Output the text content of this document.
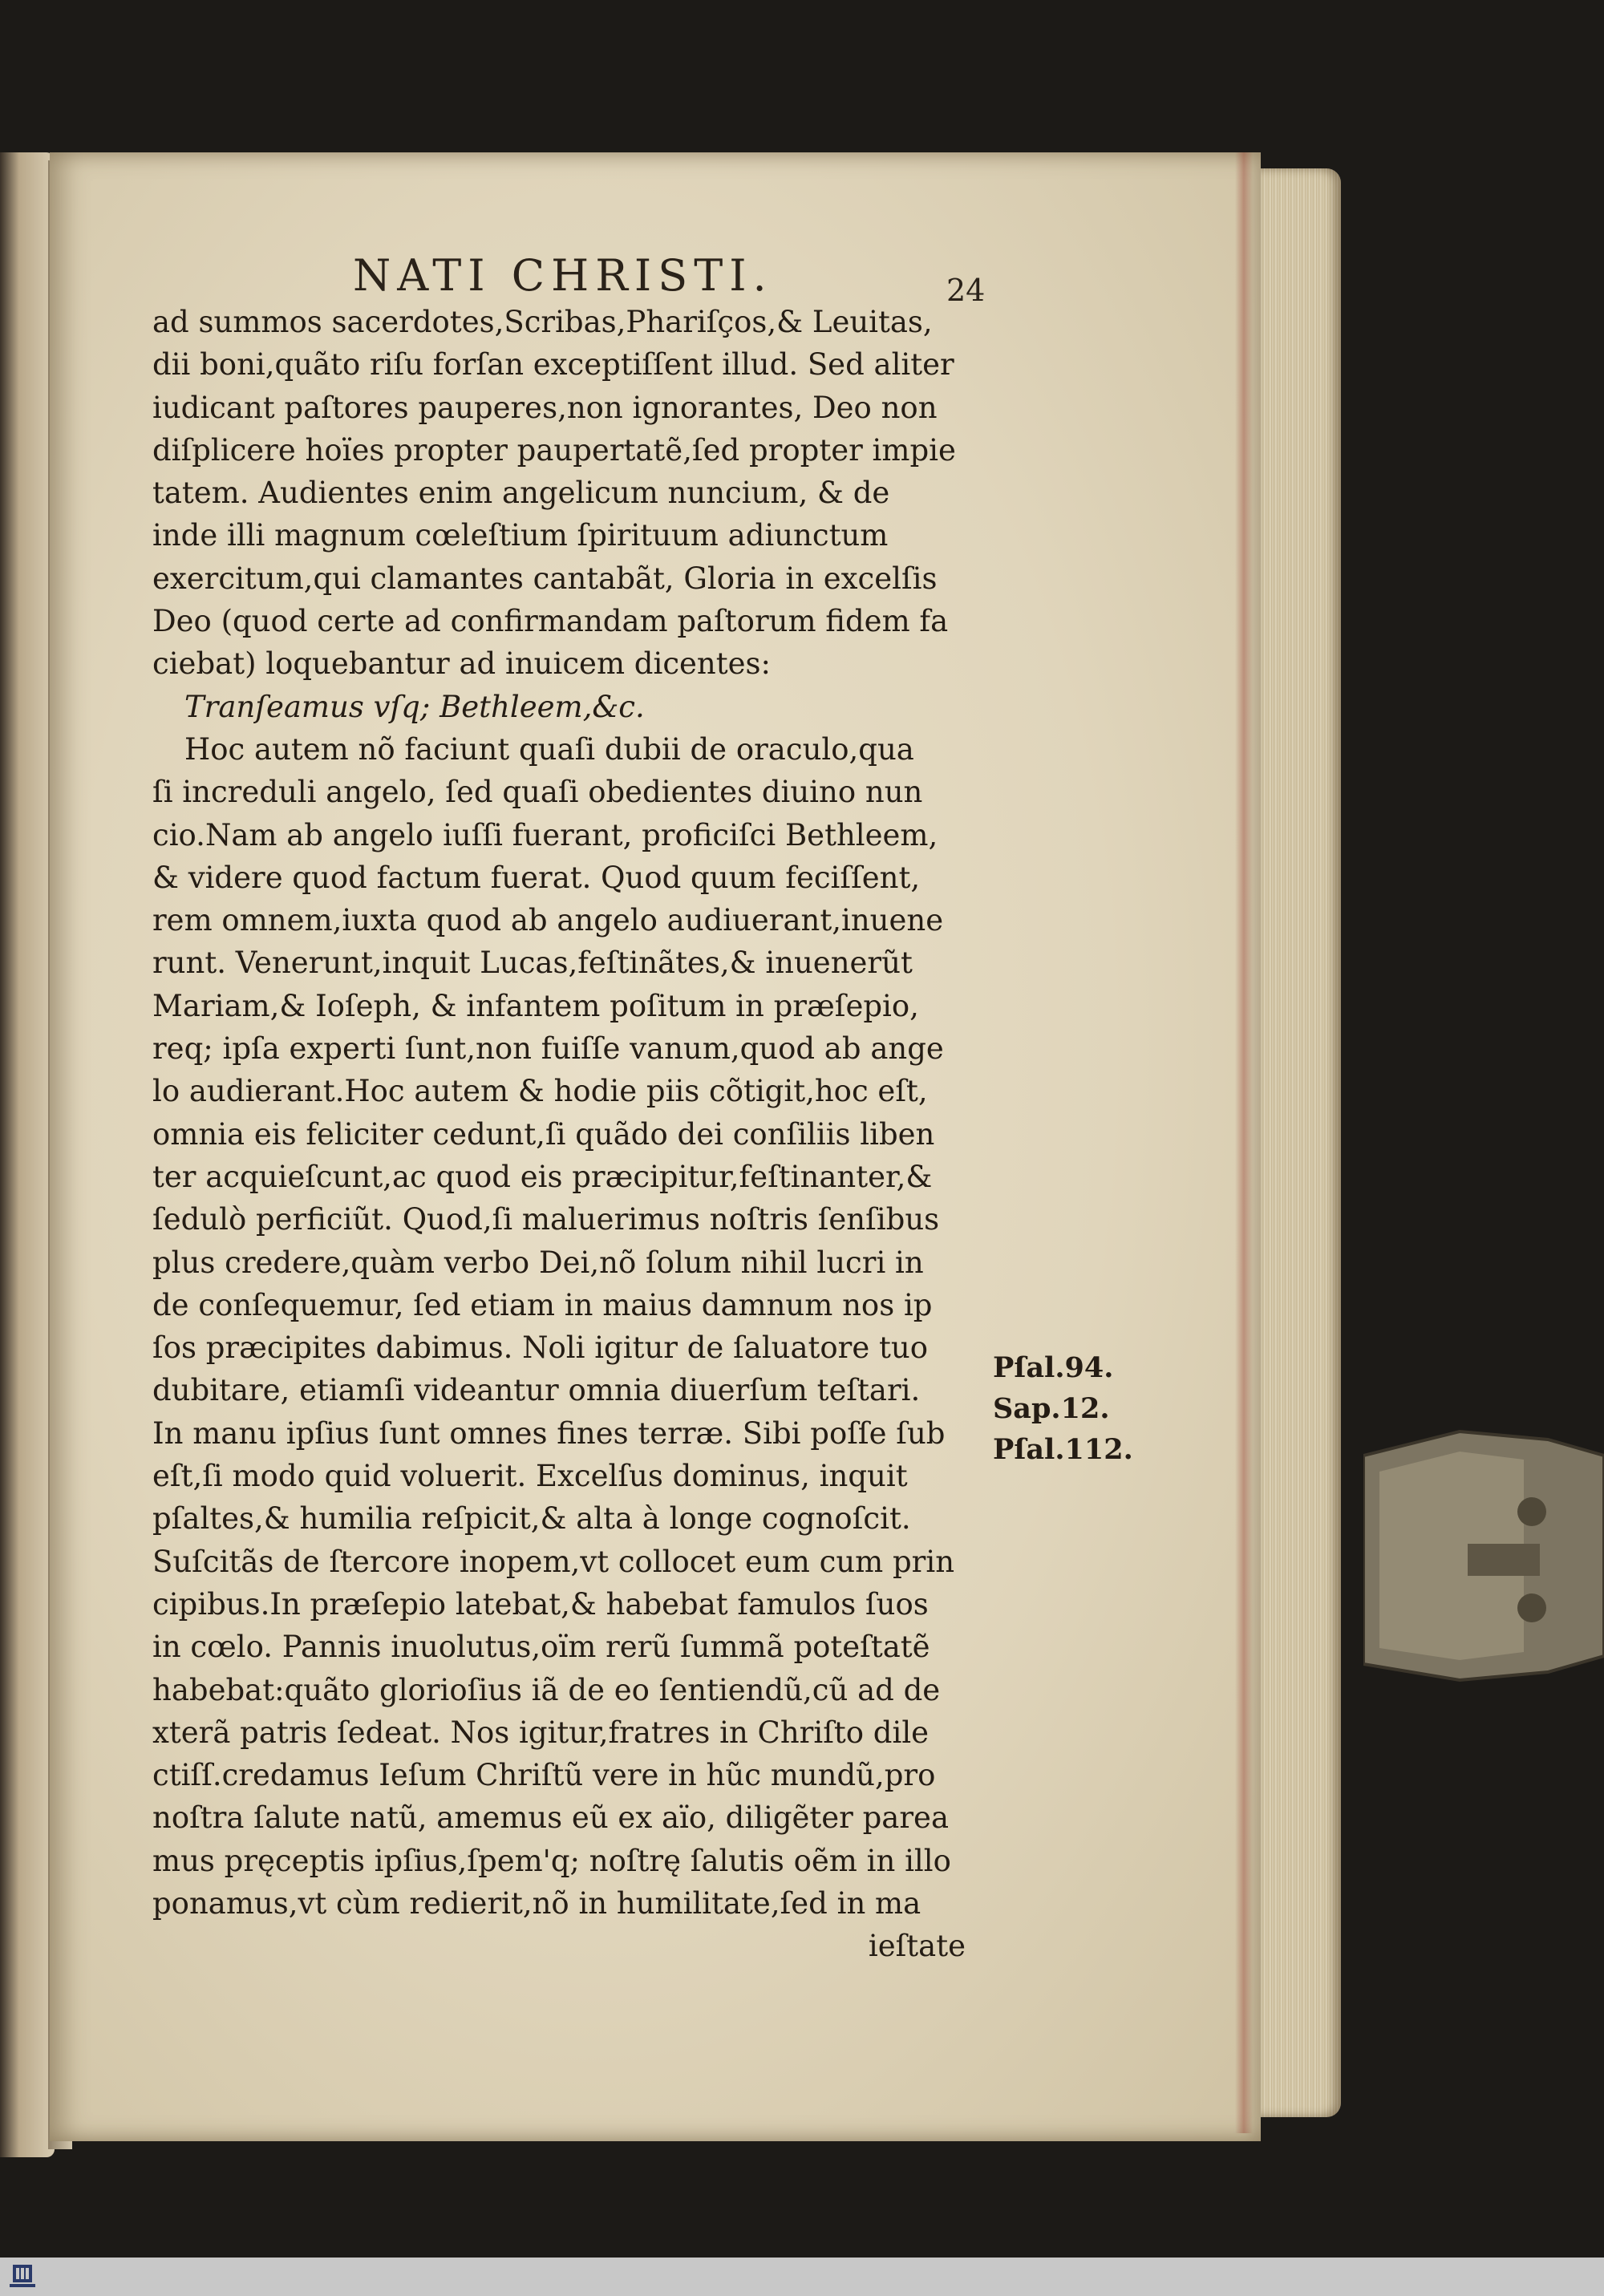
NATI CHRISTI.	24
ad summos sacerdotes,Scribas,Phariſços,& Leuitas,
dii boni,quãto riſu forſan exceptiſſent illud. Sed aliter
iudicant paſtores pauperes,non ignorantes, Deo non
diſplicere hoïes propter paupertatẽ,ſed propter impie
tatem. Audientes enim angelicum nuncium, & de
inde illi magnum cœleſtium ſpirituum adiunctum
exercitum,qui clamantes cantabãt, Gloria in excelſis
Deo (quod certe ad confirmandam paſtorum fidem fa
ciebat) loquebantur ad inuicem dicentes:
Tranſeamus vſq; Bethleem,&c.
Hoc autem nõ faciunt quaſi dubii de oraculo,qua
ſi increduli angelo, ſed quaſi obedientes diuino nun
cio.Nam ab angelo iuſſi fuerant, proficiſci Bethleem,
& videre quod factum fuerat. Quod quum feciſſent,
rem omnem,iuxta quod ab angelo audiuerant,inuene
runt. Venerunt,inquit Lucas,feſtinãtes,& inuenerũt
Mariam,& Ioſeph, & infantem poſitum in præſepio,
req; ipſa experti ſunt,non fuiſſe vanum,quod ab ange
lo audierant.Hoc autem & hodie piis cõtigit,hoc eſt,
omnia eis feliciter cedunt,ſi quãdo dei conſiliis liben
ter acquieſcunt,ac quod eis præcipitur,feſtinanter,&
ſedulò perficiũt. Quod,ſi maluerimus noſtris ſenſibus
plus credere,quàm verbo Dei,nõ ſolum nihil lucri in
de conſequemur, ſed etiam in maius damnum nos ip
ſos præcipites dabimus. Noli igitur de ſaluatore tuo
dubitare, etiamſi videantur omnia diuerſum teſtari.
In manu ipſius ſunt omnes fines terræ. Sibi poſſe ſub
eſt,ſi modo quid voluerit. Excelſus dominus, inquit
pſaltes,& humilia reſpicit,& alta à longe cognoſcit.
Suſcitãs de ſtercore inopem,vt collocet eum cum prin
cipibus.In præſepio latebat,& habebat famulos ſuos
in cœlo. Pannis inuolutus,oïm rerũ ſummã poteſtatẽ
habebat:quãto glorioſius iã de eo ſentiendũ,cũ ad de
xterã patris ſedeat. Nos igitur,fratres in Chriſto dile
ctiſſ.credamus Ieſum Chriſtũ vere in hũc mundũ,pro
noſtra ſalute natũ, amemus eũ ex aïo, diligẽter parea
mus pręceptis ipſius,ſpem'q; noſtrę ſalutis oẽm in illo
ponamus,vt cùm redierit,nõ in humilitate,ſed in ma
ieſtate
Pſal.94.
Sap.12.
Pſal.112.
